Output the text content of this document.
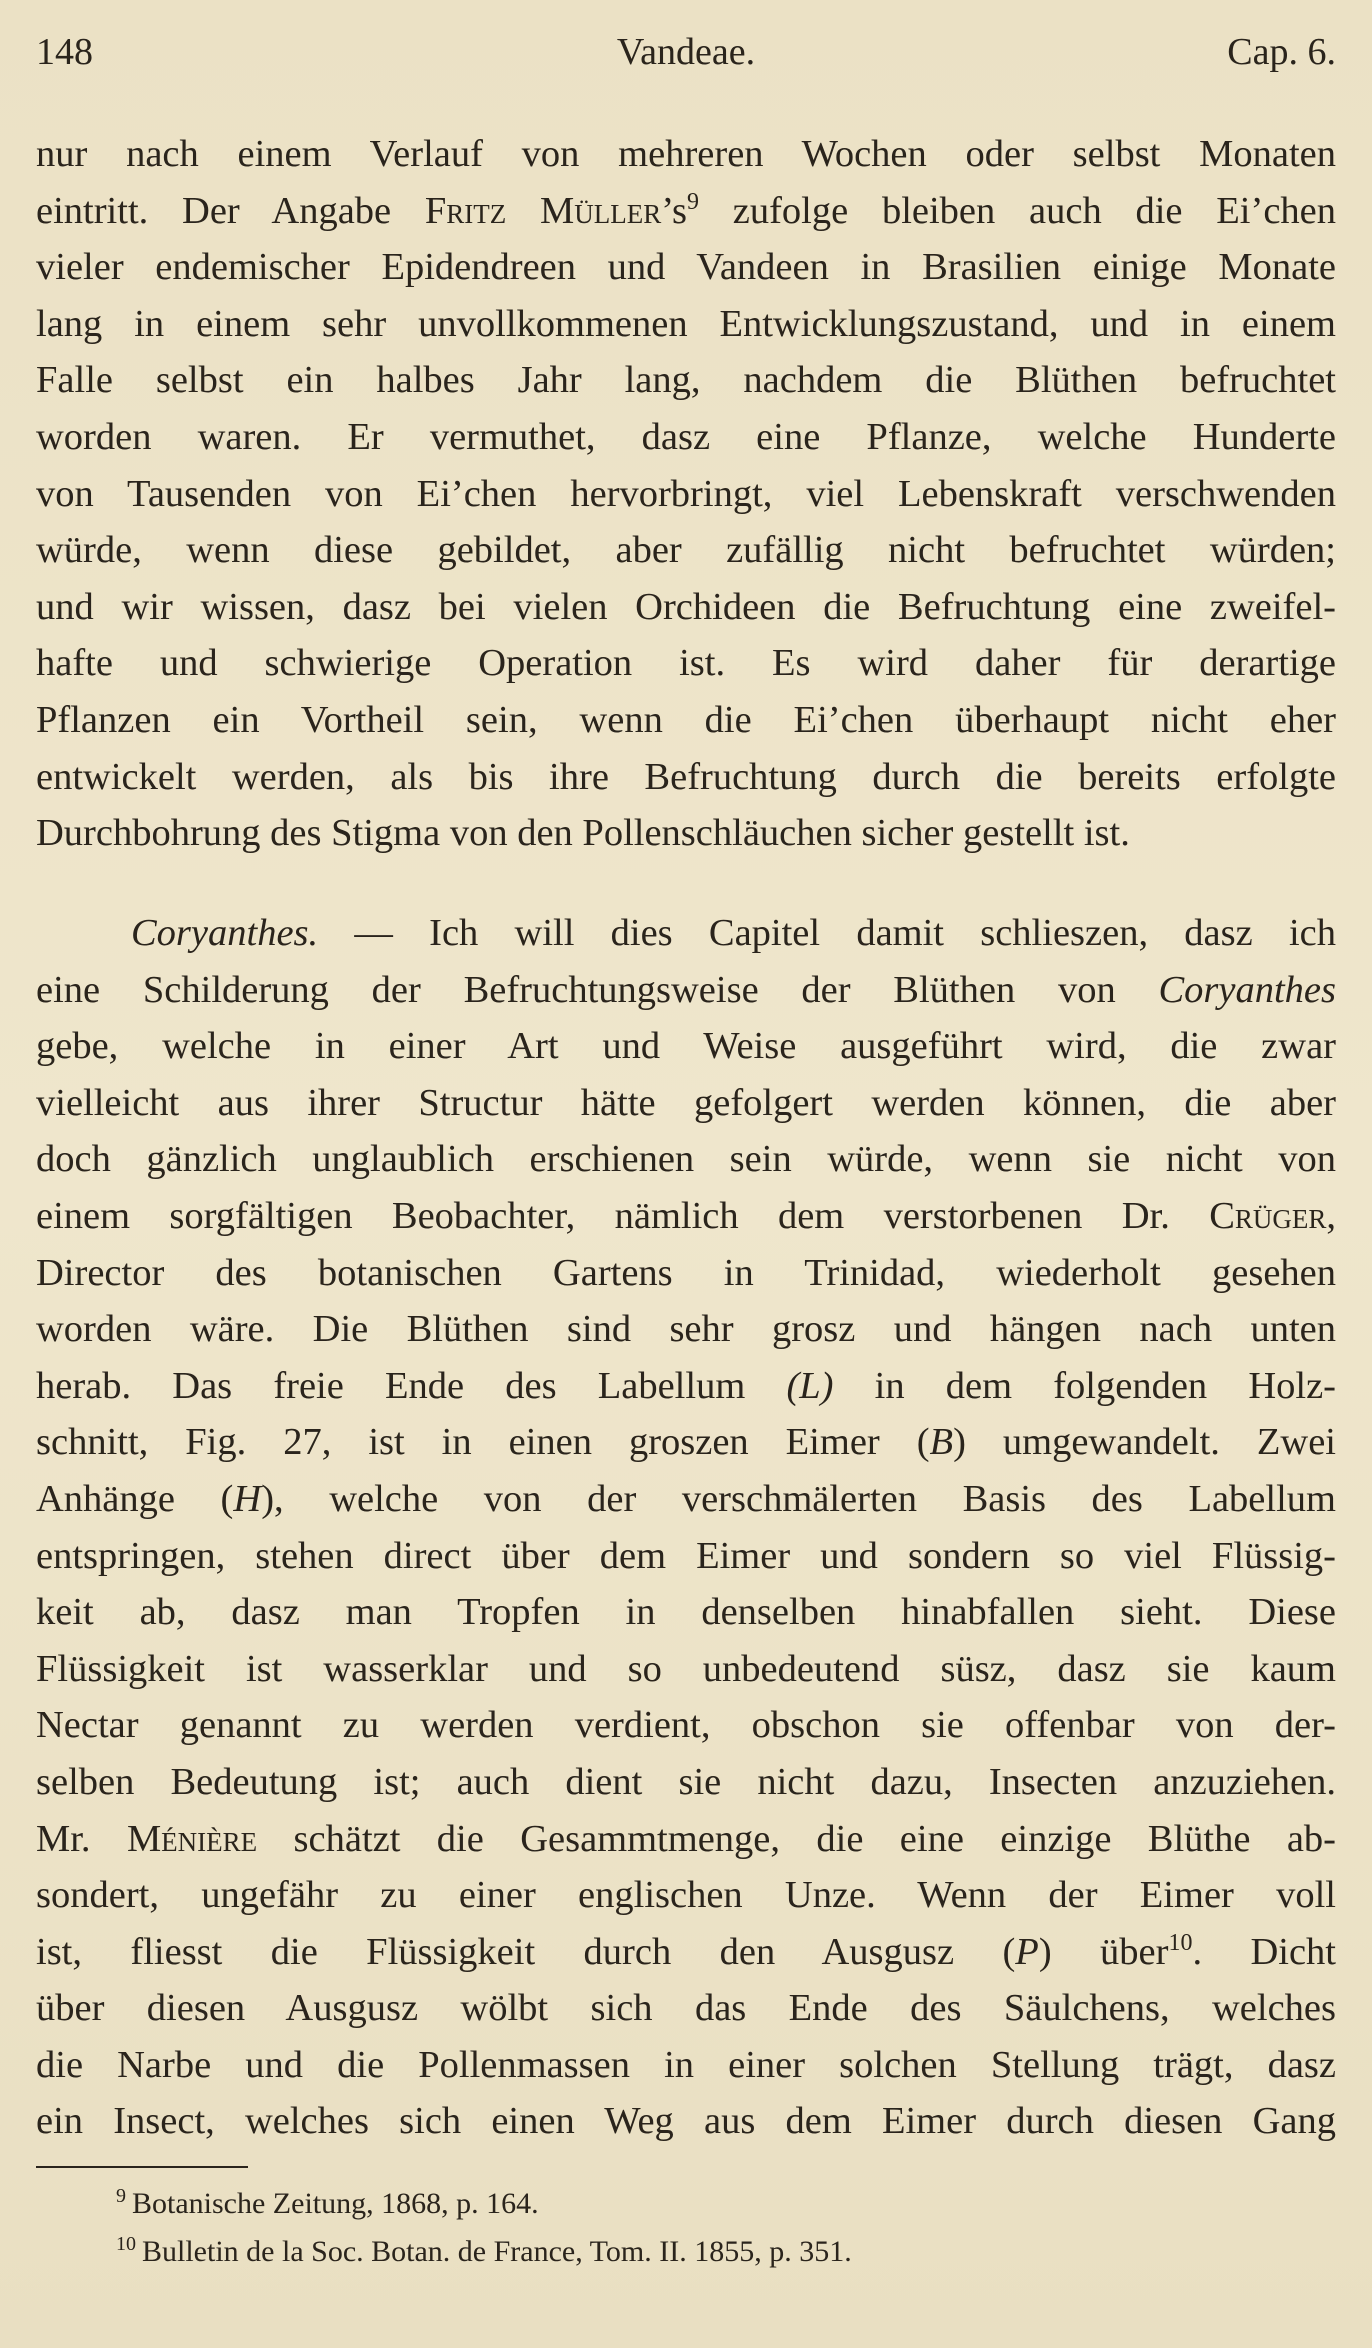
148	Vandeae.	Cap. 6.
nur nach einem Verlauf von mehreren Wochen oder selbst Monaten
eintritt. Der Angabe Fritz $Müller’s^9$ zufolge bleiben auch die Ei’chen
vieler endemischer Epidendreen und Vandeen in Brasilien einige Monate
lang in einem sehr unvollkommenen Entwicklungszustand, und in einem
Falle selbst ein halbes Jahr lang, nachdem die Blüthen befruchtet
worden waren. Er vermuthet, dasz eine Pflanze, welche Hunderte
von Tausenden von Ei’chen hervorbringt, viel Lebenskraft verschwenden
würde, wenn diese gebildet, aber zufällig nicht befruchtet würden;
und wir wissen, dasz bei vielen Orchideen die Befruchtung eine zweifel-
hafte und schwierige Operation ist. Es wird daher für derartige
Pflanzen ein Vortheil sein, wenn die Ei’chen überhaupt nicht eher
entwickelt werden, als bis ihre Befruchtung durch die bereits erfolgte
Durchbohrung des Stigma von den Pollenschläuchen sicher gestellt ist.
Coryanthes. — Ich will dies Capitel damit schlieszen, dasz ich
eine Schilderung der Befruchtungsweise der Blüthen von Coryanthes
gebe, welche in einer Art und Weise ausgeführt wird, die zwar
vielleicht aus ihrer Structur hätte gefolgert werden können, die aber
doch gänzlich unglaublich erschienen sein würde, wenn sie nicht von
einem sorgfältigen Beobachter, nämlich dem verstorbenen Dr. Crüger,
Director des botanischen Gartens in Trinidad, wiederholt gesehen
worden wäre. Die Blüthen sind sehr grosz und hängen nach unten
herab. Das freie Ende des Labellum (L) in dem folgenden Holz-
schnitt, Fig. 27, ist in einen groszen Eimer (B) umgewandelt. Zwei
Anhänge (H), welche von der verschmälerten Basis des Labellum
entspringen, stehen direct über dem Eimer und sondern so viel Flüssig-
keit ab, dasz man Tropfen in denselben hinabfallen sieht. Diese
Flüssigkeit ist wasserklar und so unbedeutend süsz, dasz sie kaum
Nectar genannt zu werden verdient, obschon sie offenbar von der-
selben Bedeutung ist; auch dient sie nicht dazu, Insecten anzuziehen.
Mr. Ménière schätzt die Gesammtmenge, die eine einzige Blüthe ab-
sondert, ungefähr zu einer englischen Unze. Wenn der Eimer voll
ist, fliesst die Flüssigkeit durch den Ausgusz (P) über$^{10}$. Dicht
über diesen Ausgusz wölbt sich das Ende des Säulchens, welches
die Narbe und die Pollenmassen in einer solchen Stellung trägt, dasz
ein Insect, welches sich einen Weg aus dem Eimer durch diesen Gang
$^9$ Botanische Zeitung, 1868, p. 164.
$^{10}$ Bulletin de la Soc. Botan. de France, Tom. II. 1855, p. 351.
